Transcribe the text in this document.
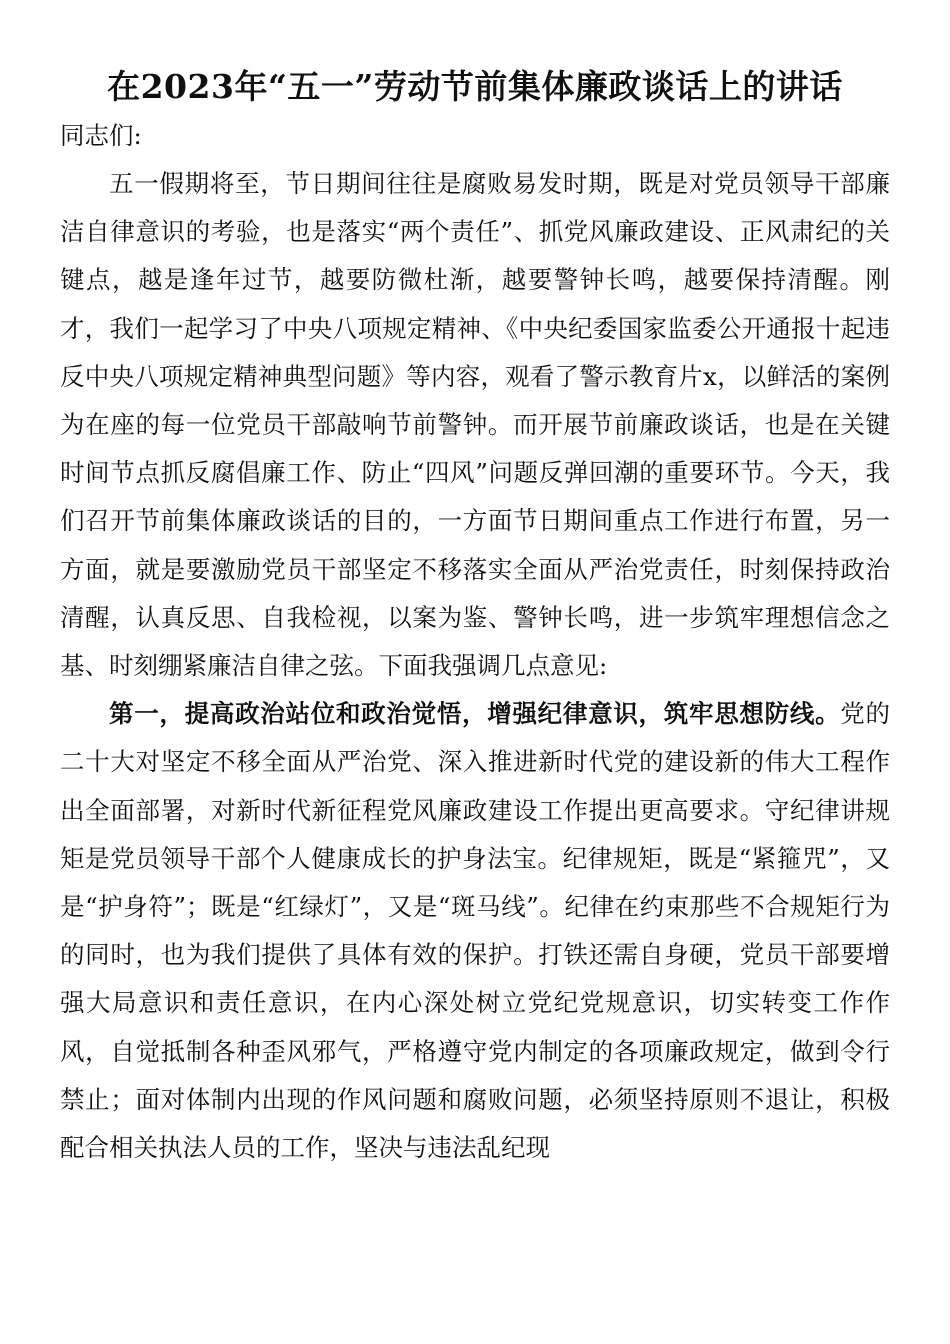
在2023年“五一”劳动节前集体廉政谈话上的讲话

同志们:

五一假期将至，节日期间往往是腐败易发时期，既是对党员领导干部廉洁自律意识的考验，也是落实“两个责任”、抓党风廉政建设、正风肃纪的关键点，越是逢年过节，越要防微杜渐，越要警钟长鸣，越要保持清醒。刚才，我们一起学习了中央八项规定精神、《中央纪委国家监委公开通报十起违反中央八项规定精神典型问题》等内容，观看了警示教育片x，以鲜活的案例为在座的每一位党员干部敲响节前警钟。而开展节前廉政谈话，也是在关键时间节点抓反腐倡廉工作、防止“四风”问题反弹回潮的重要环节。今天，我们召开节前集体廉政谈话的目的，一方面节日期间重点工作进行布置，另一方面，就是要激励党员干部坚定不移落实全面从严治党责任，时刻保持政治清醒，认真反思、自我检视，以案为鉴、警钟长鸣，进一步筑牢理想信念之基、时刻绷紧廉洁自律之弦。下面我强调几点意见:

第一，提高政治站位和政治觉悟，增强纪律意识，筑牢思想防线。党的二十大对坚定不移全面从严治党、深入推进新时代党的建设新的伟大工程作出全面部署，对新时代新征程党风廉政建设工作提出更高要求。守纪律讲规矩是党员领导干部个人健康成长的护身法宝。纪律规矩，既是“紧箍咒”，又是“护身符”；既是“红绿灯”，又是“斑马线”。纪律在约束那些不合规矩行为的同时，也为我们提供了具体有效的保护。打铁还需自身硬，党员干部要增强大局意识和责任意识，在内心深处树立党纪党规意识，切实转变工作作风，自觉抵制各种歪风邪气，严格遵守党内制定的各项廉政规定，做到令行禁止；面对体制内出现的作风问题和腐败问题，必须坚持原则不退让，积极配合相关执法人员的工作，坚决与违法乱纪现
